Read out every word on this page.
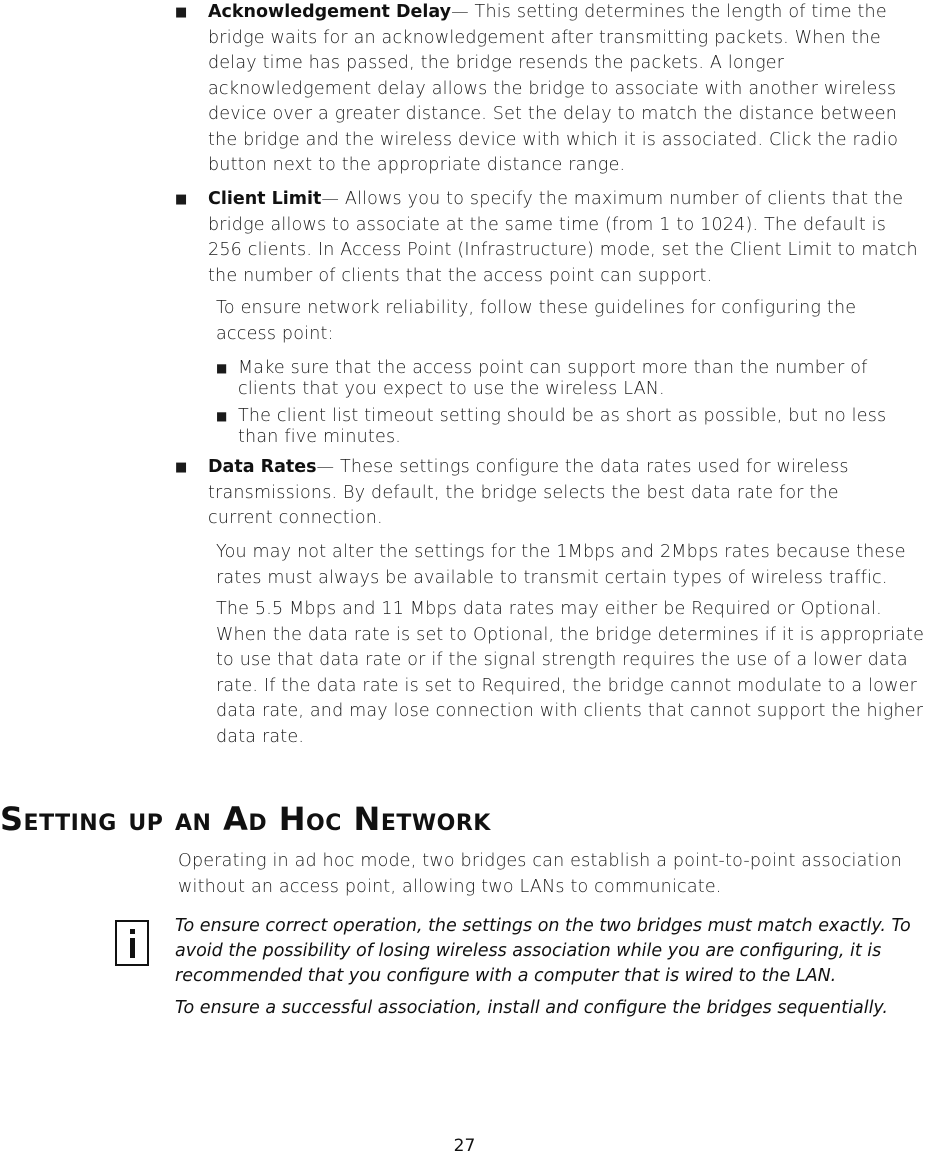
■ Acknowledgement Delay— This setting determines the length of time the bridge waits for an acknowledgement after transmitting packets. When the delay time has passed, the bridge resends the packets. A longer acknowledgement delay allows the bridge to associate with another wireless device over a greater distance. Set the delay to match the distance between the bridge and the wireless device with which it is associated. Click the radio button next to the appropriate distance range.
■ Client Limit— Allows you to specify the maximum number of clients that the bridge allows to associate at the same time (from 1 to 1024). The default is 256 clients. In Access Point (Infrastructure) mode, set the Client Limit to match the number of clients that the access point can support.
To ensure network reliability, follow these guidelines for configuring the access point:
■ Make sure that the access point can support more than the number of clients that you expect to use the wireless LAN.
■ The client list timeout setting should be as short as possible, but no less than five minutes.
■ Data Rates— These settings configure the data rates used for wireless transmissions. By default, the bridge selects the best data rate for the current connection.
You may not alter the settings for the 1Mbps and 2Mbps rates because these rates must always be available to transmit certain types of wireless traffic.
The 5.5 Mbps and 11 Mbps data rates may either be Required or Optional. When the data rate is set to Optional, the bridge determines if it is appropriate to use that data rate or if the signal strength requires the use of a lower data rate. If the data rate is set to Required, the bridge cannot modulate to a lower data rate, and may lose connection with clients that cannot support the higher data rate.
Setting up an Ad Hoc Network
Operating in ad hoc mode, two bridges can establish a point-to-point association without an access point, allowing two LANs to communicate.
To ensure correct operation, the settings on the two bridges must match exactly. To avoid the possibility of losing wireless association while you are configuring, it is recommended that you configure with a computer that is wired to the LAN.
To ensure a successful association, install and configure the bridges sequentially.
27
